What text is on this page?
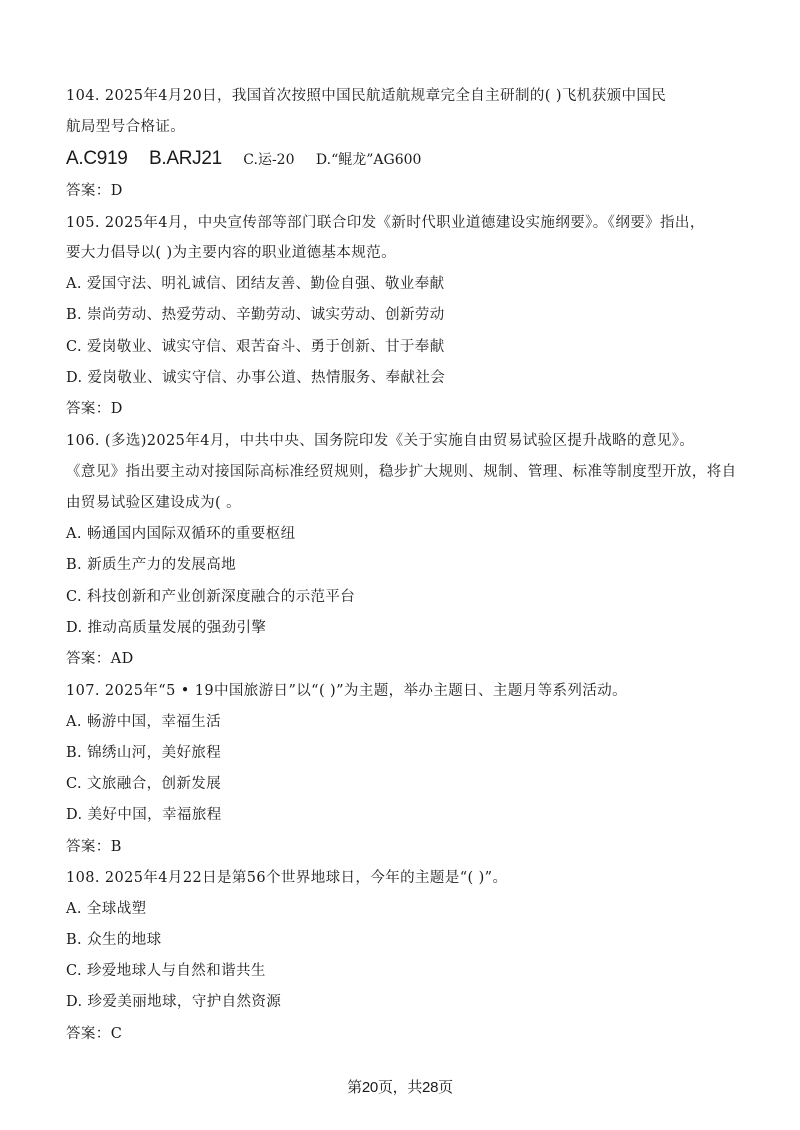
104. 2025年4月20日，我国首次按照中国民航适航规章完全自主研制的( )飞机获颁中国民
航局型号合格证。
A.C919 B.ARJ21 C.运-20 D.“鲲龙”AG600
答案：D
105. 2025年4月，中央宣传部等部门联合印发《新时代职业道德建设实施纲要》。《纲要》指出，
要大力倡导以( )为主要内容的职业道德基本规范。
A. 爱国守法、明礼诚信、团结友善、勤俭自强、敬业奉献
B. 崇尚劳动、热爱劳动、辛勤劳动、诚实劳动、创新劳动
C. 爱岗敬业、诚实守信、艰苦奋斗、勇于创新、甘于奉献
D. 爱岗敬业、诚实守信、办事公道、热情服务、奉献社会
答案：D
106. (多选)2025年4月，中共中央、国务院印发《关于实施自由贸易试验区提升战略的意见》。
《意见》指出要主动对接国际高标准经贸规则，稳步扩大规则、规制、管理、标准等制度型开放，将自
由贸易试验区建设成为( 。
A. 畅通国内国际双循环的重要枢纽
B. 新质生产力的发展高地
C. 科技创新和产业创新深度融合的示范平台
D. 推动高质量发展的强劲引擎
答案：AD
107. 2025年“5 • 19中国旅游日”以“( )”为主题，举办主题日、主题月等系列活动。
A. 畅游中国，幸福生活
B. 锦绣山河，美好旅程
C. 文旅融合，创新发展
D. 美好中国，幸福旅程
答案：B
108. 2025年4月22日是第56个世界地球日，今年的主题是“( )”。
A. 全球战塑
B. 众生的地球
C. 珍爱地球人与自然和谐共生
D. 珍爱美丽地球，守护自然资源
答案：C
第20页，共28页
